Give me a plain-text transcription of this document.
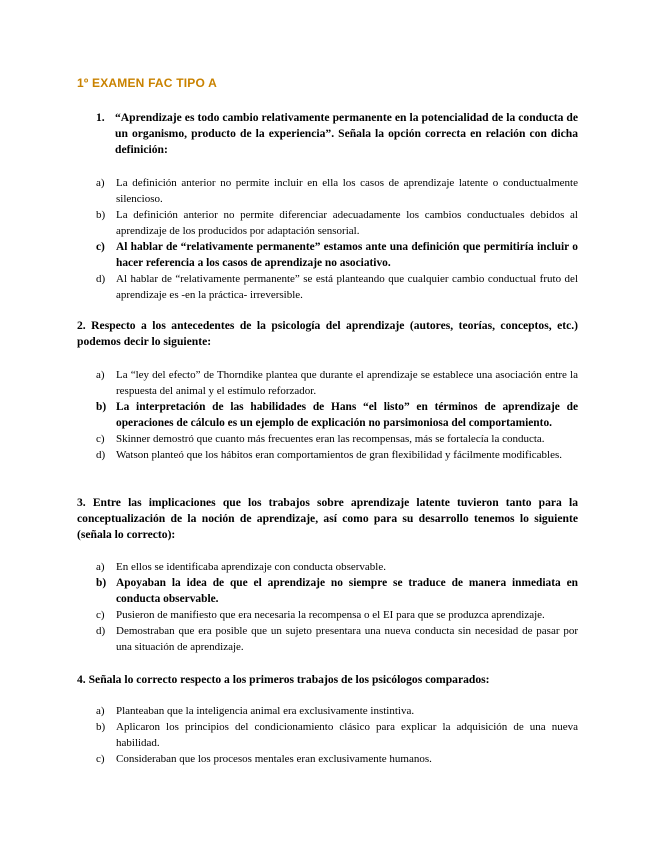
1º EXAMEN FAC TIPO A
1. “Aprendizaje es todo cambio relativamente permanente en la potencialidad de la conducta de un organismo, producto de la experiencia”. Señala la opción correcta en relación con dicha definición:
a) La definición anterior no permite incluir en ella los casos de aprendizaje latente o conductualmente silencioso.
b) La definición anterior no permite diferenciar adecuadamente los cambios conductuales debidos al aprendizaje de los producidos por adaptación sensorial.
c) Al hablar de “relativamente permanente” estamos ante una definición que permitiría incluir o hacer referencia a los casos de aprendizaje no asociativo.
d) Al hablar de “relativamente permanente” se está planteando que cualquier cambio conductual fruto del aprendizaje es -en la práctica- irreversible.
2. Respecto a los antecedentes de la psicología del aprendizaje (autores, teorías, conceptos, etc.) podemos decir lo siguiente:
a) La “ley del efecto” de Thorndike plantea que durante el aprendizaje se establece una asociación entre la respuesta del animal y el estímulo reforzador.
b) La interpretación de las habilidades de Hans “el listo” en términos de aprendizaje de operaciones de cálculo es un ejemplo de explicación no parsimoniosa del comportamiento.
c) Skinner demostró que cuanto más frecuentes eran las recompensas, más se fortalecía la conducta.
d) Watson planteó que los hábitos eran comportamientos de gran flexibilidad y fácilmente modificables.
3. Entre las implicaciones que los trabajos sobre aprendizaje latente tuvieron tanto para la conceptualización de la noción de aprendizaje, así como para su desarrollo tenemos lo siguiente (señala lo correcto):
a) En ellos se identificaba aprendizaje con conducta observable.
b) Apoyaban la idea de que el aprendizaje no siempre se traduce de manera inmediata en conducta observable.
c) Pusieron de manifiesto que era necesaria la recompensa o el EI para que se produzca aprendizaje.
d) Demostraban que era posible que un sujeto presentara una nueva conducta sin necesidad de pasar por una situación de aprendizaje.
4. Señala lo correcto respecto a los primeros trabajos de los psicólogos comparados:
a) Planteaban que la inteligencia animal era exclusivamente instintiva.
b) Aplicaron los principios del condicionamiento clásico para explicar la adquisición de una nueva habilidad.
c) Consideraban que los procesos mentales eran exclusivamente humanos.
